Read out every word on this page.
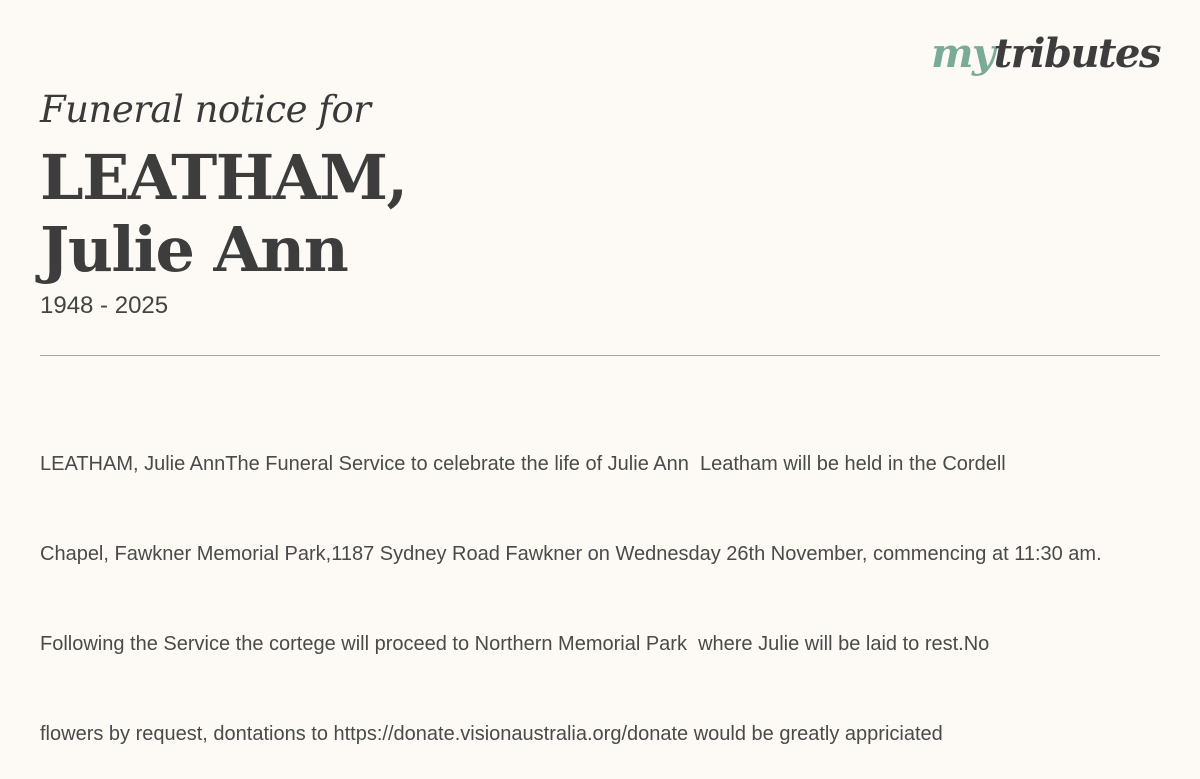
mytributes
Funeral notice for
LEATHAM,
Julie Ann
1948 - 2025

LEATHAM, Julie AnnThe Funeral Service to celebrate the life of Julie Ann  Leatham will be held in the Cordell

Chapel, Fawkner Memorial Park,1187 Sydney Road Fawkner on Wednesday 26th November, commencing at 11:30 am.

Following the Service the cortege will proceed to Northern Memorial Park  where Julie will be laid to rest.No

flowers by request, dontations to https://donate.visionaustralia.org/donate would be greatly appriciated
